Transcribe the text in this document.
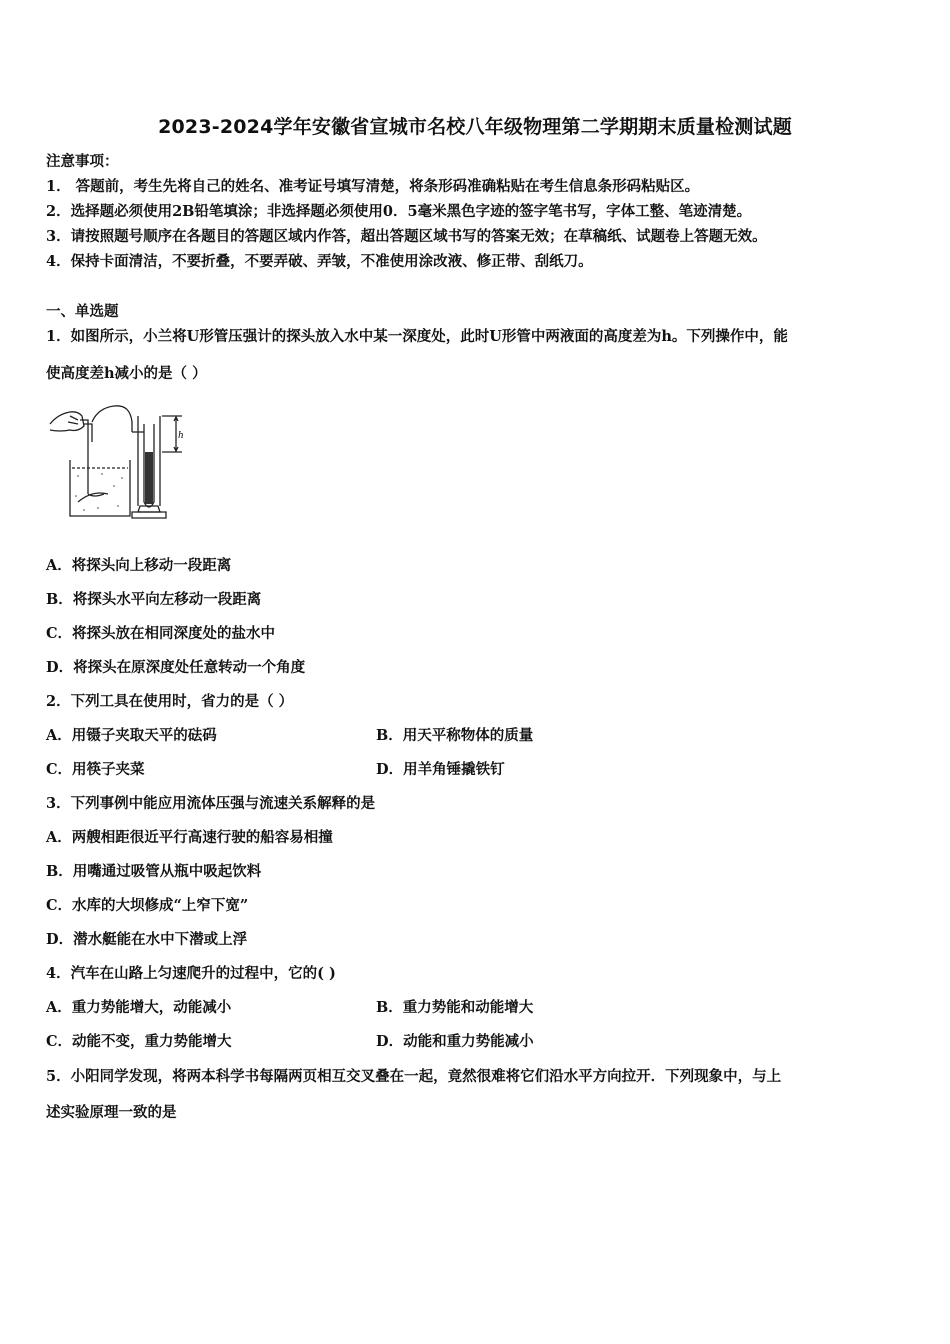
2023-2024学年安徽省宣城市名校八年级物理第二学期期末质量检测试题
注意事项：
1． 答题前，考生先将自己的姓名、准考证号填写清楚，将条形码准确粘贴在考生信息条形码粘贴区。
2．选择题必须使用2B铅笔填涂；非选择题必须使用0．5毫米黑色字迹的签字笔书写，字体工整、笔迹清楚。
3．请按照题号顺序在各题目的答题区域内作答，超出答题区域书写的答案无效；在草稿纸、试题卷上答题无效。
4．保持卡面清洁，不要折叠，不要弄破、弄皱，不准使用涂改液、修正带、刮纸刀。
一、单选题
1．如图所示，小兰将U形管压强计的探头放入水中某一深度处，此时U形管中两液面的高度差为h。下列操作中，能
使高度差h减小的是（ ）
h
A．将探头向上移动一段距离
B．将探头水平向左移动一段距离
C．将探头放在相同深度处的盐水中
D．将探头在原深度处任意转动一个角度
2．下列工具在使用时，省力的是（ ）
A．用镊子夹取天平的砝码	B．用天平称物体的质量
C．用筷子夹菜	D．用羊角锤撬铁钉
3．下列事例中能应用流体压强与流速关系解释的是
A．两艘相距很近平行高速行驶的船容易相撞
B．用嘴通过吸管从瓶中吸起饮料
C．水库的大坝修成“上窄下宽”
D．潜水艇能在水中下潜或上浮
4．汽车在山路上匀速爬升的过程中，它的( )
A．重力势能增大，动能减小	B．重力势能和动能增大
C．动能不变，重力势能增大	D．动能和重力势能减小
5．小阳同学发现，将两本科学书每隔两页相互交叉叠在一起，竟然很难将它们沿水平方向拉开．下列现象中，与上
述实验原理一致的是
